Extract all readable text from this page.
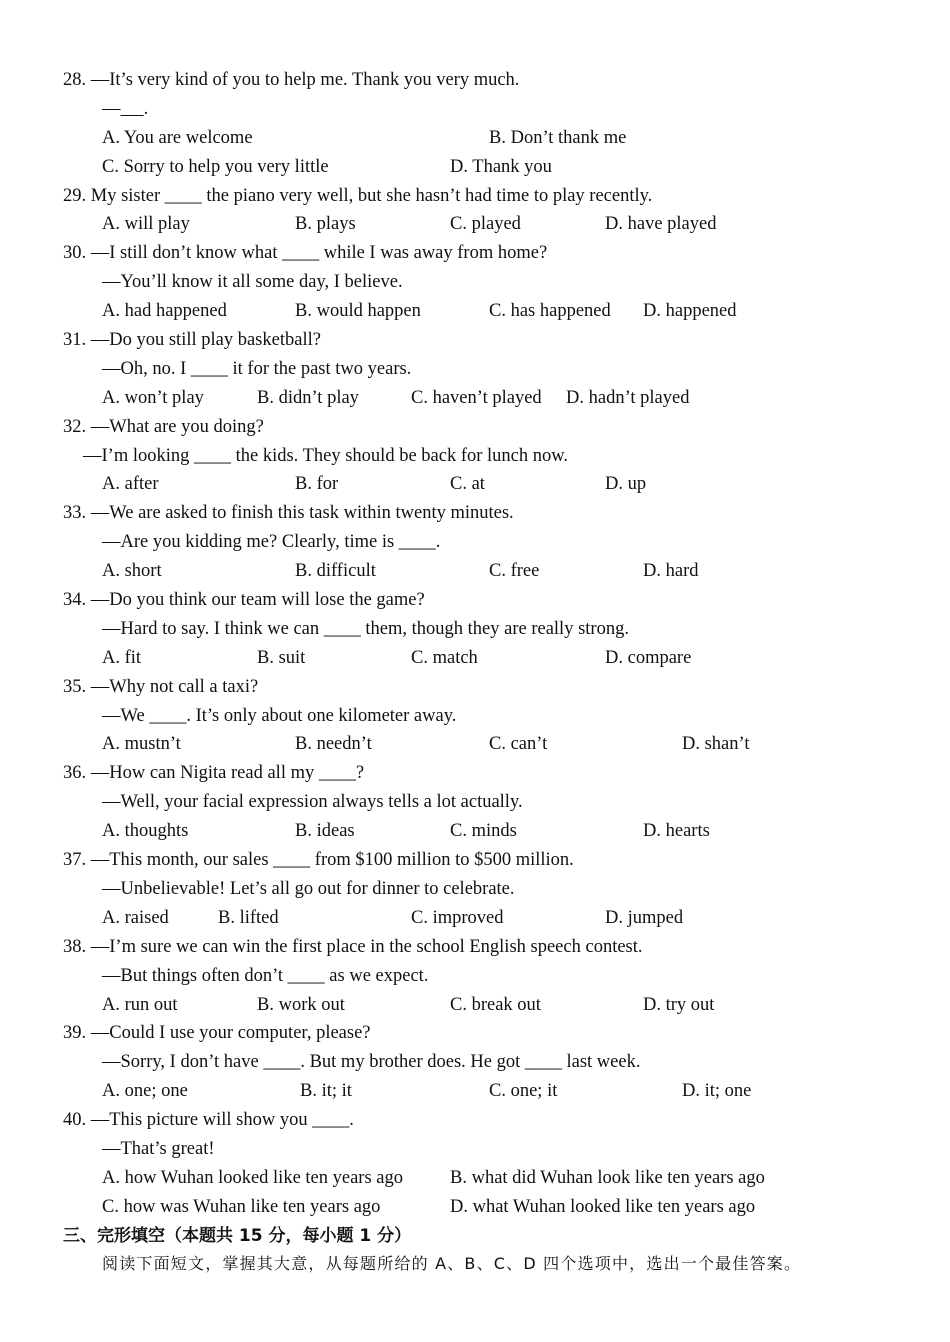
28. —It’s very kind of you to help me. Thank you very much.
— .

A. You are welcome

	B. Don’t thank me

C. Sorry to help you very little

	D. Thank you

29. My sister ____ the piano very well, but she hasn’t had time to play recently.

A. will play

	B. plays

	C. played

	D. have played

30. —I still don’t know what ____ while I was away from home?
—You’ll know it all some day, I believe.

A. had happened

	B. would happen

	C. has happened

D. happened

31. —Do you still play basketball?
—Oh, no. I ____ it for the past two years.

A. won’t play

	B. didn’t play

	C. haven’t played

D. hadn’t played

32. —What are you doing?
—I’m looking ____ the kids. They should be back for lunch now.

A. after

	B. for

	C. at

	D. up

33. —We are asked to finish this task within twenty minutes.
—Are you kidding me? Clearly, time is ____.

A. short

	B. difficult

	C. free

	D. hard

34. —Do you think our team will lose the game?
—Hard to say. I think we can ____ them, though they are really strong.

A. fit

	B. suit

	C. match

	D. compare

35. —Why not call a taxi?
—We ____. It’s only about one kilometer away.

A. mustn’t

	B. needn’t

	C. can’t

	D. shan’t

36. —How can Nigita read all my ____?
—Well, your facial expression always tells a lot actually.

A. thoughts

	B. ideas

	C. minds

	D. hearts

37. —This month, our sales ____ from $100 million to $500 million.
—Unbelievable! Let’s all go out for dinner to celebrate.

A. raised

	B. lifted

	C. improved

	D. jumped

38. —I’m sure we can win the first place in the school English speech contest.
—But things often don’t ____ as we expect.

A. run out

	B. work out

	C. break out

	D. try out

39. —Could I use your computer, please?
—Sorry, I don’t have ____. But my brother does. He got ____ last week.

A. one; one

	B. it; it

	C. one; it

	D. it; one

40. —This picture will show you ____.
—That’s great!

A. how Wuhan looked like ten years ago

	B. what did Wuhan look like ten years ago

C. how was Wuhan like ten years ago

	D. what Wuhan looked like ten years ago

三、完形填空（本题共 15 分，每小题 1 分）
阅读下面短文，掌握其大意，从每题所给的 A、B、C、D 四个选项中，选出一个最佳答案。
